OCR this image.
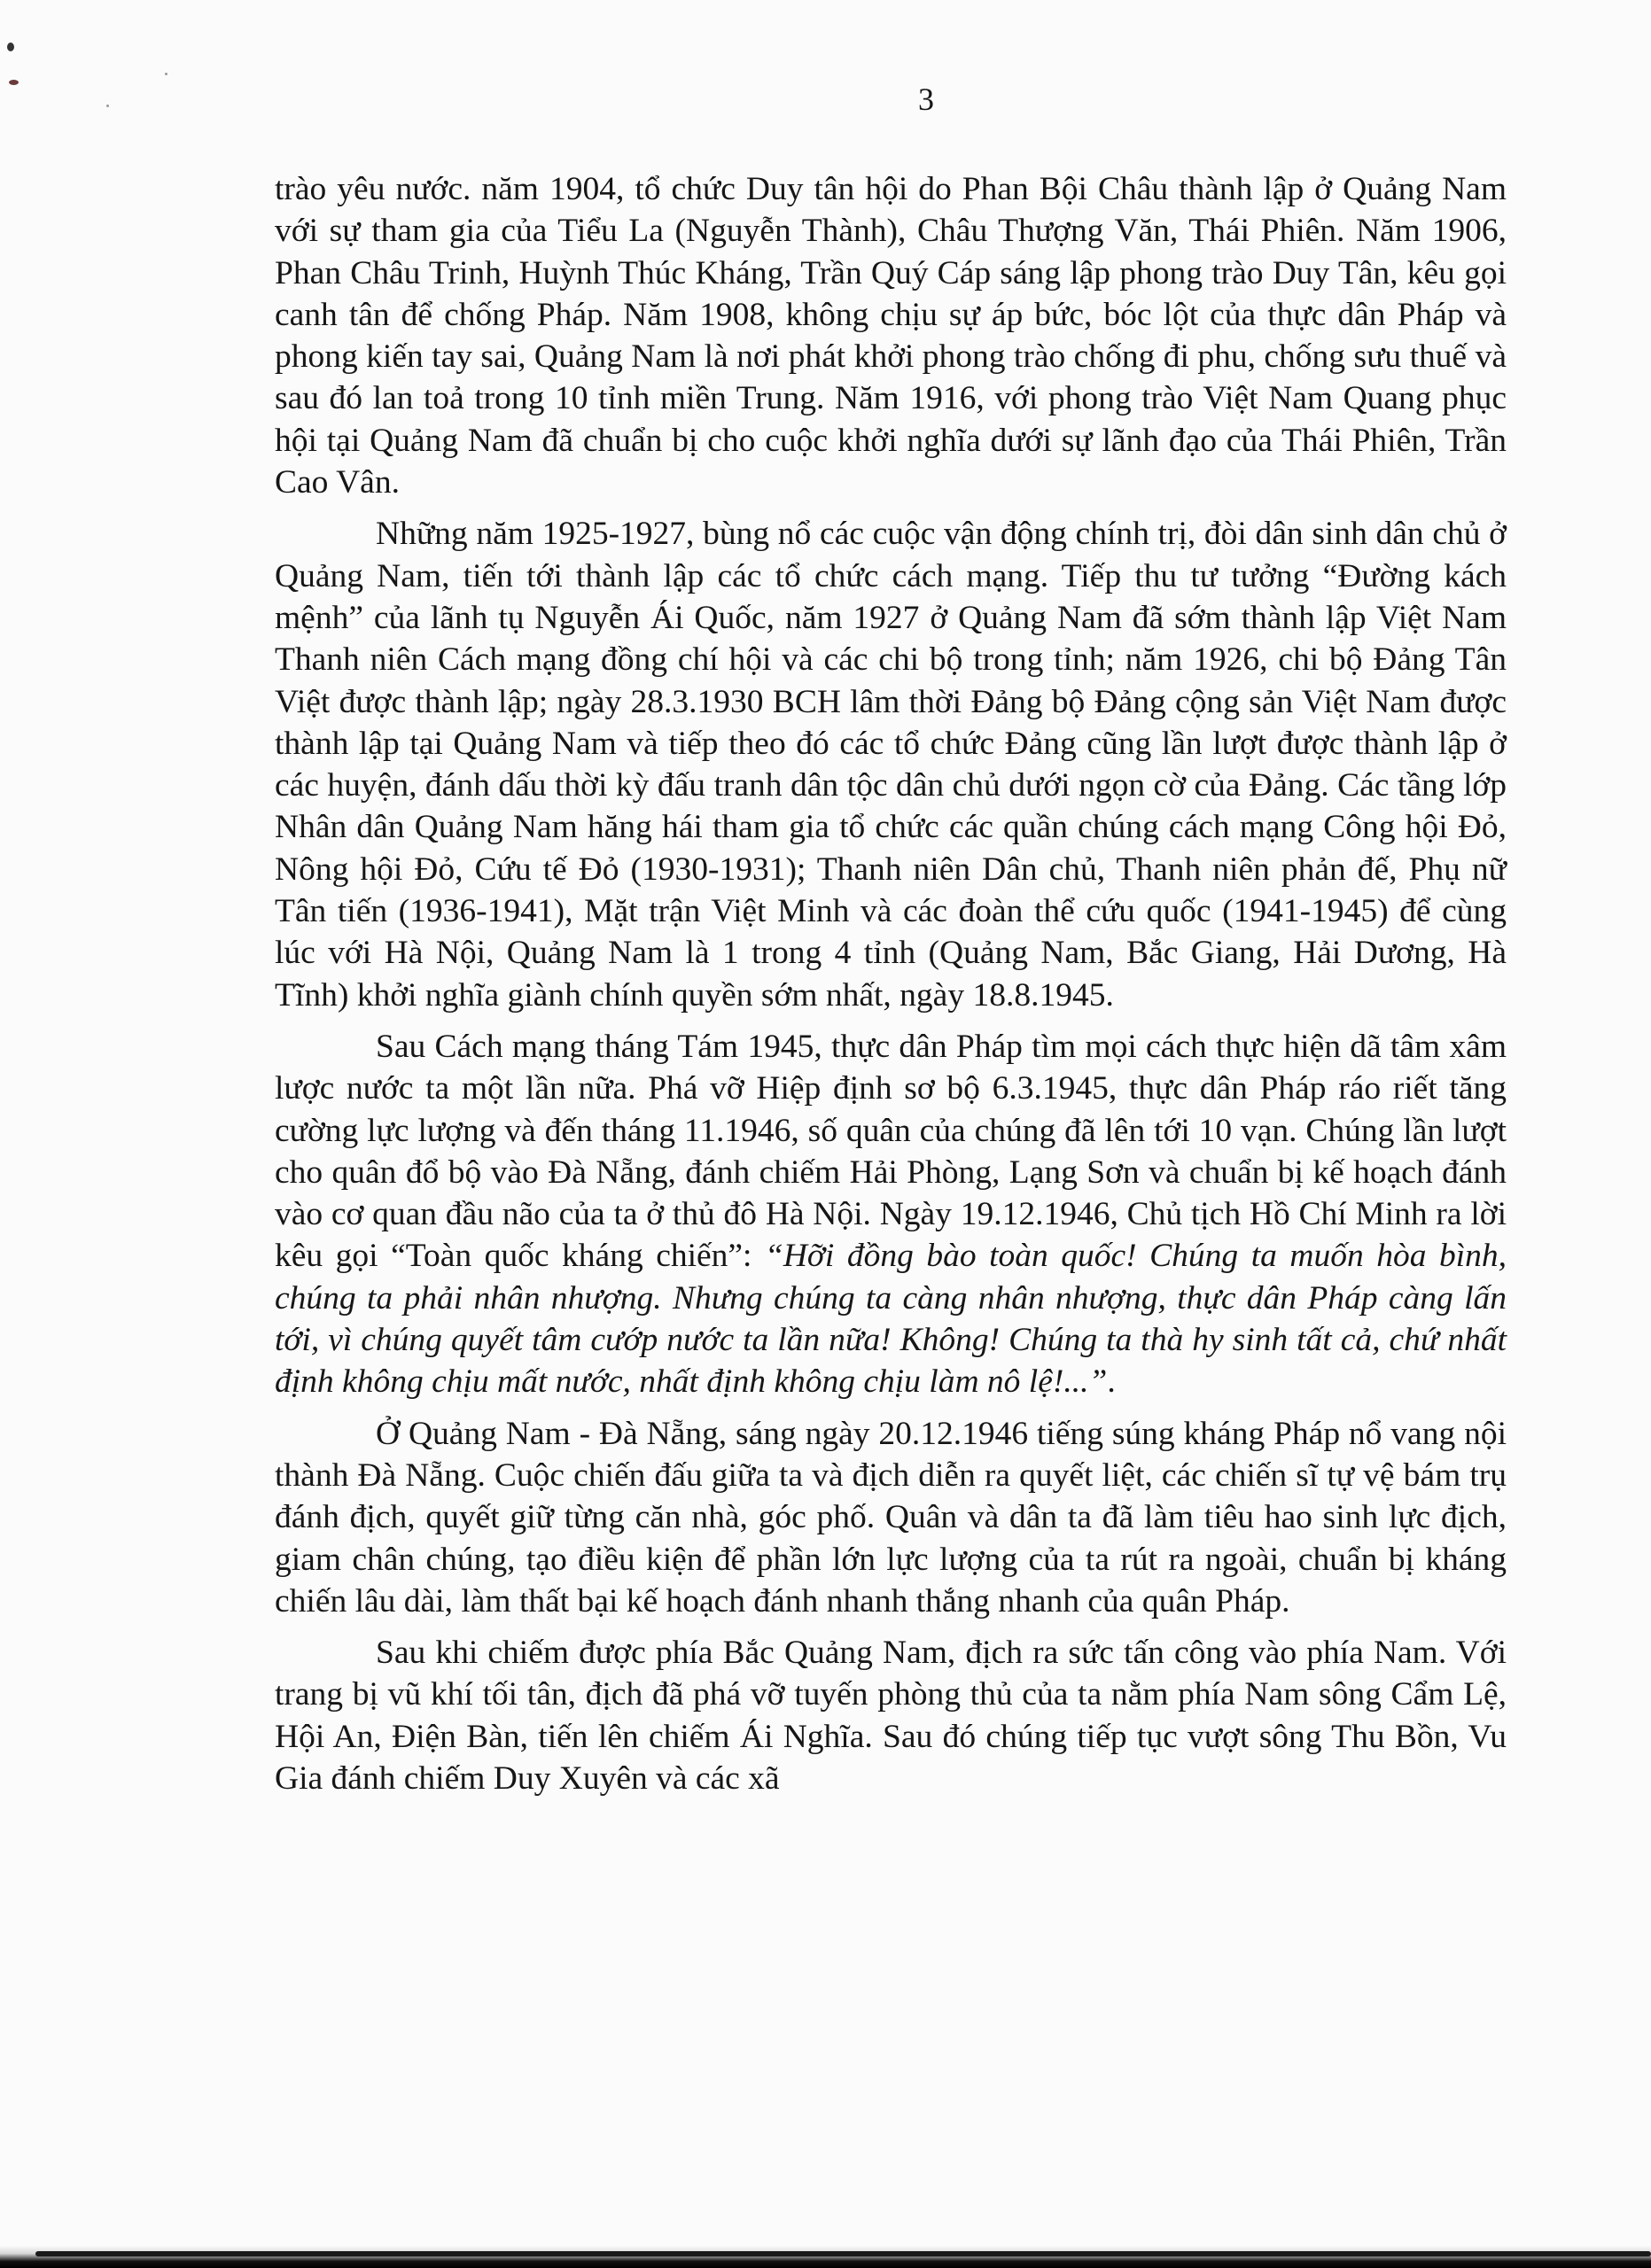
3

trào yêu nước. năm 1904, tổ chức Duy tân hội do Phan Bội Châu thành lập ở Quảng Nam với sự tham gia của Tiểu La (Nguyễn Thành), Châu Thượng Văn, Thái Phiên. Năm 1906, Phan Châu Trinh, Huỳnh Thúc Kháng, Trần Quý Cáp sáng lập phong trào Duy Tân, kêu gọi canh tân để chống Pháp. Năm 1908, không chịu sự áp bức, bóc lột của thực dân Pháp và phong kiến tay sai, Quảng Nam là nơi phát khởi phong trào chống đi phu, chống sưu thuế và sau đó lan toả trong 10 tỉnh miền Trung. Năm 1916, với phong trào Việt Nam Quang phục hội tại Quảng Nam đã chuẩn bị cho cuộc khởi nghĩa dưới sự lãnh đạo của Thái Phiên, Trần Cao Vân.

Những năm 1925-1927, bùng nổ các cuộc vận động chính trị, đòi dân sinh dân chủ ở Quảng Nam, tiến tới thành lập các tổ chức cách mạng. Tiếp thu tư tưởng “Đường kách mệnh” của lãnh tụ Nguyễn Ái Quốc, năm 1927 ở Quảng Nam đã sớm thành lập Việt Nam Thanh niên Cách mạng đồng chí hội và các chi bộ trong tỉnh; năm 1926, chi bộ Đảng Tân Việt được thành lập; ngày 28.3.1930 BCH lâm thời Đảng bộ Đảng cộng sản Việt Nam được thành lập tại Quảng Nam và tiếp theo đó các tổ chức Đảng cũng lần lượt được thành lập ở các huyện, đánh dấu thời kỳ đấu tranh dân tộc dân chủ dưới ngọn cờ của Đảng. Các tầng lớp Nhân dân Quảng Nam hăng hái tham gia tổ chức các quần chúng cách mạng Công hội Đỏ, Nông hội Đỏ, Cứu tế Đỏ (1930-1931); Thanh niên Dân chủ, Thanh niên phản đế, Phụ nữ Tân tiến (1936-1941), Mặt trận Việt Minh và các đoàn thể cứu quốc (1941-1945) để cùng lúc với Hà Nội, Quảng Nam là 1 trong 4 tỉnh (Quảng Nam, Bắc Giang, Hải Dương, Hà Tĩnh) khởi nghĩa giành chính quyền sớm nhất, ngày 18.8.1945.

Sau Cách mạng tháng Tám 1945, thực dân Pháp tìm mọi cách thực hiện dã tâm xâm lược nước ta một lần nữa. Phá vỡ Hiệp định sơ bộ 6.3.1945, thực dân Pháp ráo riết tăng cường lực lượng và đến tháng 11.1946, số quân của chúng đã lên tới 10 vạn. Chúng lần lượt cho quân đổ bộ vào Đà Nẵng, đánh chiếm Hải Phòng, Lạng Sơn và chuẩn bị kế hoạch đánh vào cơ quan đầu não của ta ở thủ đô Hà Nội. Ngày 19.12.1946, Chủ tịch Hồ Chí Minh ra lời kêu gọi “Toàn quốc kháng chiến”: “Hỡi đồng bào toàn quốc! Chúng ta muốn hòa bình, chúng ta phải nhân nhượng. Nhưng chúng ta càng nhân nhượng, thực dân Pháp càng lấn tới, vì chúng quyết tâm cướp nước ta lần nữa! Không! Chúng ta thà hy sinh tất cả, chứ nhất định không chịu mất nước, nhất định không chịu làm nô lệ!...”.

Ở Quảng Nam - Đà Nẵng, sáng ngày 20.12.1946 tiếng súng kháng Pháp nổ vang nội thành Đà Nẵng. Cuộc chiến đấu giữa ta và địch diễn ra quyết liệt, các chiến sĩ tự vệ bám trụ đánh địch, quyết giữ từng căn nhà, góc phố. Quân và dân ta đã làm tiêu hao sinh lực địch, giam chân chúng, tạo điều kiện để phần lớn lực lượng của ta rút ra ngoài, chuẩn bị kháng chiến lâu dài, làm thất bại kế hoạch đánh nhanh thắng nhanh của quân Pháp.

Sau khi chiếm được phía Bắc Quảng Nam, địch ra sức tấn công vào phía Nam. Với trang bị vũ khí tối tân, địch đã phá vỡ tuyến phòng thủ của ta nằm phía Nam sông Cẩm Lệ, Hội An, Điện Bàn, tiến lên chiếm Ái Nghĩa. Sau đó chúng tiếp tục vượt sông Thu Bồn, Vu Gia đánh chiếm Duy Xuyên và các xã
